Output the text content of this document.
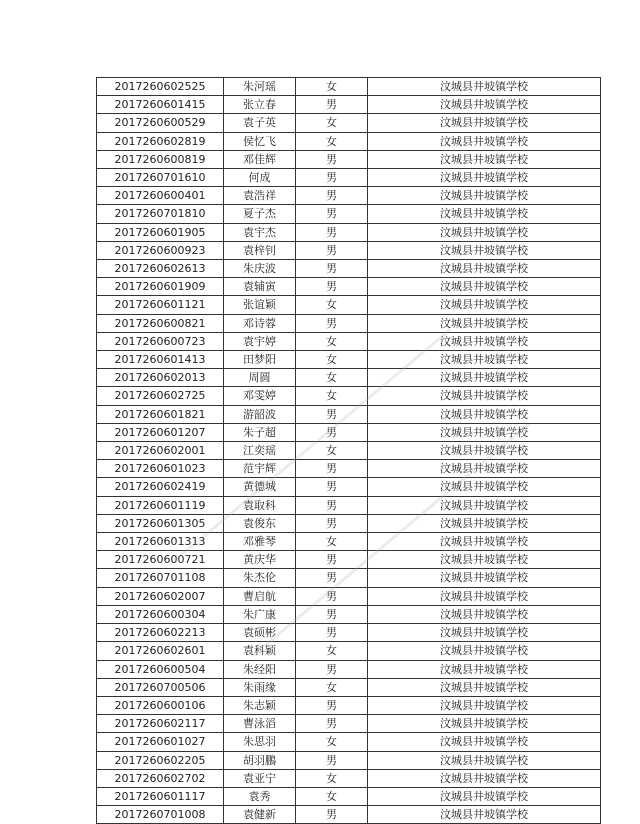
2017260602525	朱河瑶	女	汶城县井坡镇学校
2017260601415	张立春	男	汶城县井坡镇学校
2017260600529	袁子英	女	汶城县井坡镇学校
2017260602819	侯忆飞	女	汶城县井坡镇学校
2017260600819	邓佳辉	男	汶城县井坡镇学校
2017260701610	何成	男	汶城县井坡镇学校
2017260600401	袁浩祥	男	汶城县井坡镇学校
2017260701810	夏子杰	男	汶城县井坡镇学校
2017260601905	袁宇杰	男	汶城县井坡镇学校
2017260600923	袁梓钊	男	汶城县井坡镇学校
2017260602613	朱庆波	男	汶城县井坡镇学校
2017260601909	袁辅寅	男	汶城县井坡镇学校
2017260601121	张谊颖	女	汶城县井坡镇学校
2017260600821	邓诗蓉	男	汶城县井坡镇学校
2017260600723	袁宇婷	女	汶城县井坡镇学校
2017260601413	田梦阳	女	汶城县井坡镇学校
2017260602013	周圆	女	汶城县井坡镇学校
2017260602725	邓雯婷	女	汶城县井坡镇学校
2017260601821	游韶波	男	汶城县井坡镇学校
2017260601207	朱子超	男	汶城县井坡镇学校
2017260602001	江奕瑶	女	汶城县井坡镇学校
2017260601023	范宇辉	男	汶城县井坡镇学校
2017260602419	黄德城	男	汶城县井坡镇学校
2017260601119	袁取科	男	汶城县井坡镇学校
2017260601305	袁俊东	男	汶城县井坡镇学校
2017260601313	邓雅琴	女	汶城县井坡镇学校
2017260600721	黄庆华	男	汶城县井坡镇学校
2017260701108	朱杰伦	男	汶城县井坡镇学校
2017260602007	曹启航	男	汶城县井坡镇学校
2017260600304	朱广康	男	汶城县井坡镇学校
2017260602213	袁硕彬	男	汶城县井坡镇学校
2017260602601	袁科颖	女	汶城县井坡镇学校
2017260600504	朱经阳	男	汶城县井坡镇学校
2017260700506	朱雨缘	女	汶城县井坡镇学校
2017260600106	朱志颖	男	汶城县井坡镇学校
2017260602117	曹泳滔	男	汶城县井坡镇学校
2017260601027	朱思羽	女	汶城县井坡镇学校
2017260602205	胡羽鵬	男	汶城县井坡镇学校
2017260602702	袁亚宁	女	汶城县井坡镇学校
2017260601117	袁秀	女	汶城县井坡镇学校
2017260701008	袁健新	男	汶城县井坡镇学校
